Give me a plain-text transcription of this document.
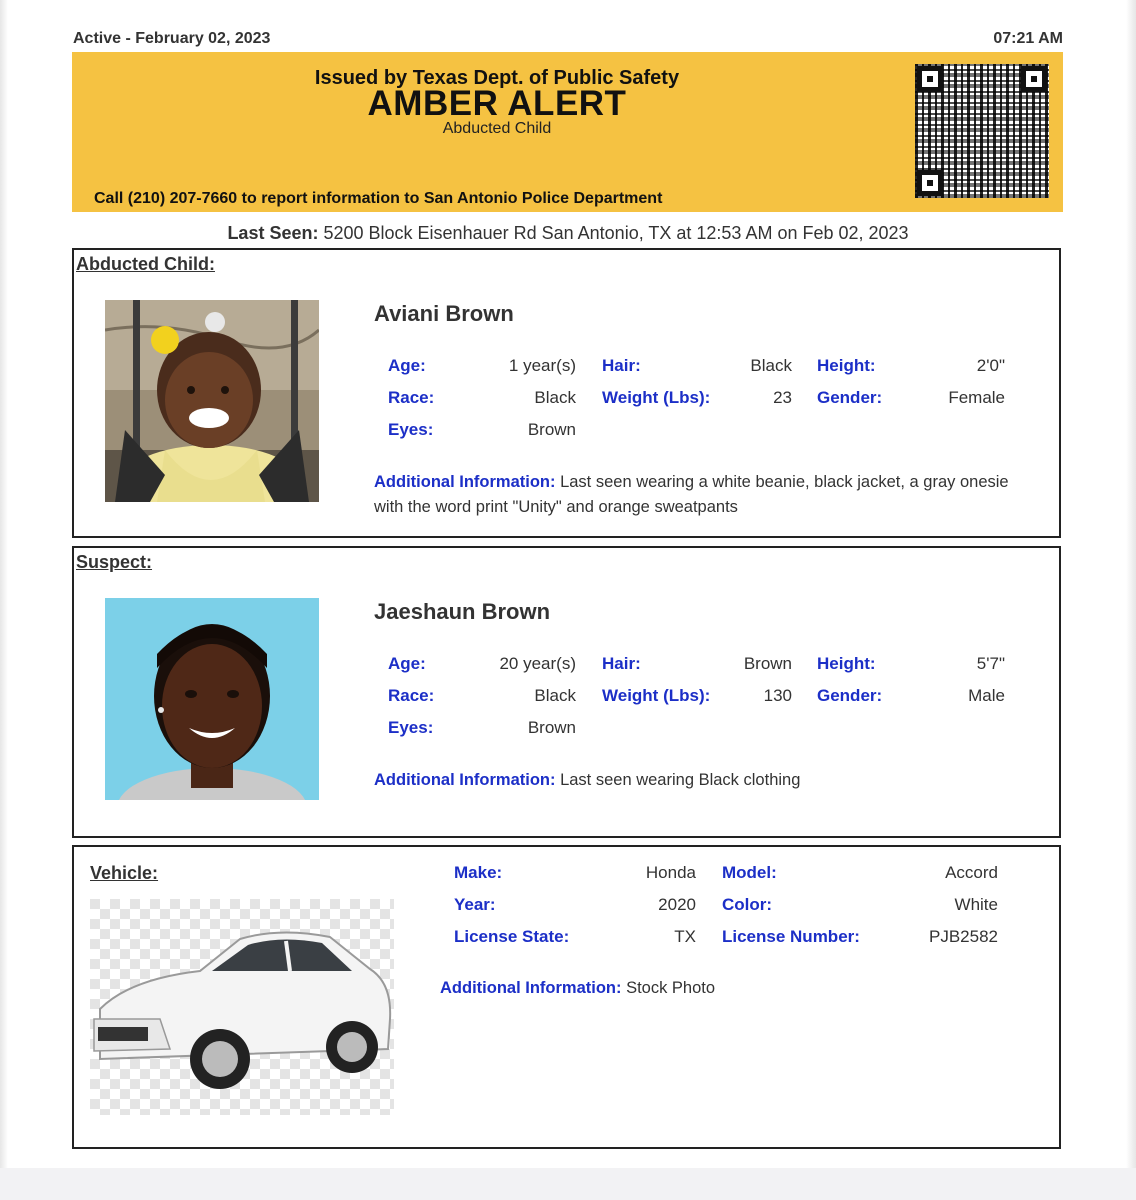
Active - February 02, 2023	07:21 AM
Issued by Texas Dept. of Public Safety
AMBER ALERT
Abducted Child
Call (210) 207-7660 to report information to San Antonio Police Department
Last Seen: 5200 Block Eisenhauer Rd San Antonio, TX at 12:53 AM on Feb 02, 2023
Abducted Child:
Aviani Brown
Age:	1 year(s) Hair:	Black Height:	2'0"
Race:	Black Weight (Lbs):	23 Gender:	Female
Eyes:	Brown
Additional Information: Last seen wearing a white beanie, black jacket, a gray onesie with the word print "Unity" and orange sweatpants
Suspect:
Jaeshaun Brown
Age:	20 year(s) Hair:	Brown Height:	5'7"
Race:	Black Weight (Lbs):	130 Gender:	Male
Eyes:	Brown
Additional Information: Last seen wearing Black clothing
Vehicle:	Make:	Honda Model:	Accord
Year:	2020 Color:	White
License State:	TX License Number:	PJB2582
Additional Information: Stock Photo
